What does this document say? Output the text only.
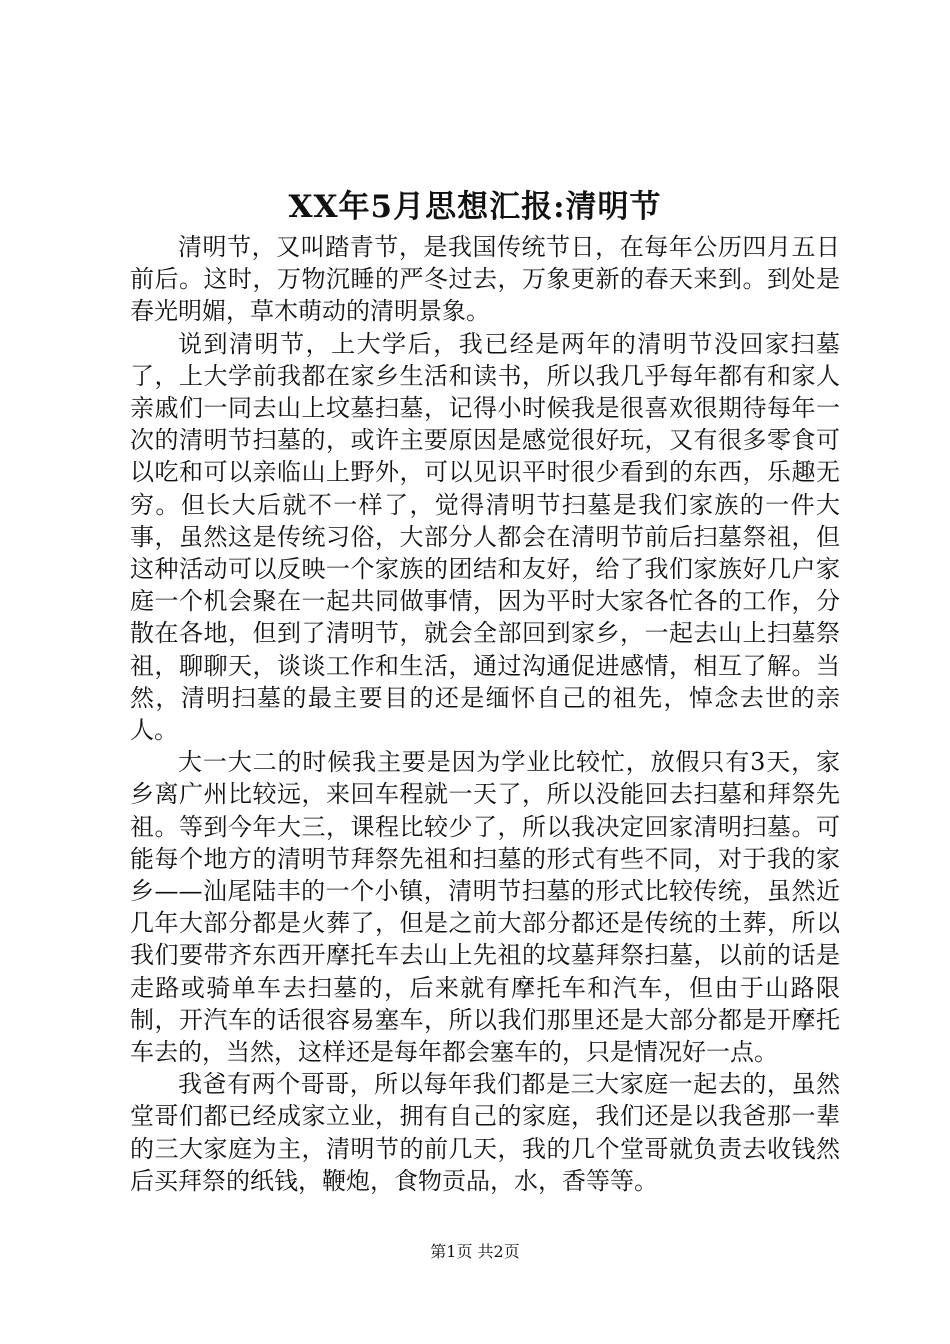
XX年5月思想汇报:清明节

清明节，又叫踏青节，是我国传统节日，在每年公历四月五日前后。这时，万物沉睡的严冬过去，万象更新的春天来到。到处是春光明媚，草木萌动的清明景象。

说到清明节，上大学后，我已经是两年的清明节没回家扫墓了，上大学前我都在家乡生活和读书，所以我几乎每年都有和家人亲戚们一同去山上坟墓扫墓，记得小时候我是很喜欢很期待每年一次的清明节扫墓的，或许主要原因是感觉很好玩，又有很多零食可以吃和可以亲临山上野外，可以见识平时很少看到的东西，乐趣无穷。但长大后就不一样了，觉得清明节扫墓是我们家族的一件大事，虽然这是传统习俗，大部分人都会在清明节前后扫墓祭祖，但这种活动可以反映一个家族的团结和友好，给了我们家族好几户家庭一个机会聚在一起共同做事情，因为平时大家各忙各的工作，分散在各地，但到了清明节，就会全部回到家乡，一起去山上扫墓祭祖，聊聊天，谈谈工作和生活，通过沟通促进感情，相互了解。当然，清明扫墓的最主要目的还是缅怀自己的祖先，悼念去世的亲人。

大一大二的时候我主要是因为学业比较忙，放假只有3天，家乡离广州比较远，来回车程就一天了，所以没能回去扫墓和拜祭先祖。等到今年大三，课程比较少了，所以我决定回家清明扫墓。可能每个地方的清明节拜祭先祖和扫墓的形式有些不同，对于我的家乡——汕尾陆丰的一个小镇，清明节扫墓的形式比较传统，虽然近几年大部分都是火葬了，但是之前大部分都还是传统的土葬，所以我们要带齐东西开摩托车去山上先祖的坟墓拜祭扫墓，以前的话是走路或骑单车去扫墓的，后来就有摩托车和汽车，但由于山路限制，开汽车的话很容易塞车，所以我们那里还是大部分都是开摩托车去的，当然，这样还是每年都会塞车的，只是情况好一点。

我爸有两个哥哥，所以每年我们都是三大家庭一起去的，虽然堂哥们都已经成家立业，拥有自己的家庭，我们还是以我爸那一辈的三大家庭为主，清明节的前几天，我的几个堂哥就负责去收钱然后买拜祭的纸钱，鞭炮，食物贡品，水，香等等。

第1页 共2页
